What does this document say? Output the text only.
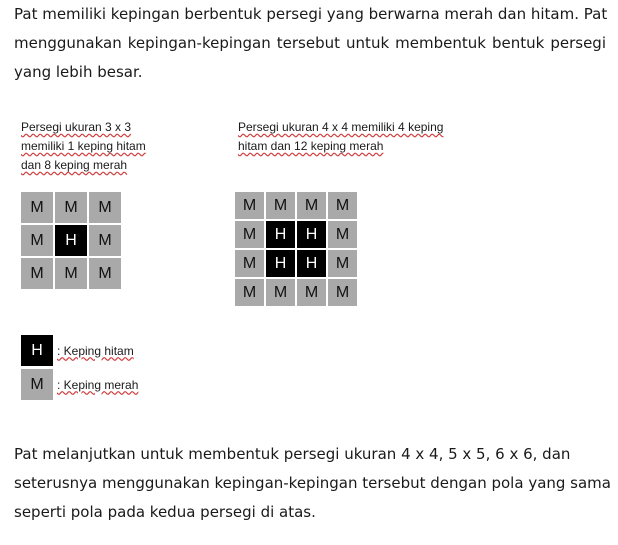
Pat memiliki kepingan berbentuk persegi yang berwarna merah dan hitam. Pat
menggunakan kepingan-kepingan tersebut untuk membentuk bentuk persegi
yang lebih besar.
Persegi ukuran 3 x 3
memiliki 1 keping hitam
dan 8 keping merah
Persegi ukuran 4 x 4 memiliki 4 keping
hitam dan 12 keping merah
M	M	M
M	H	M
M	M	M
M	M	M	M
M	H	H	M
M	H	H	M
M	M	M	M
H	: Keping hitam
M	: Keping merah
Pat melanjutkan untuk membentuk persegi ukuran 4 x 4, 5 x 5, 6 x 6, dan
seterusnya menggunakan kepingan-kepingan tersebut dengan pola yang sama
seperti pola pada kedua persegi di atas.
